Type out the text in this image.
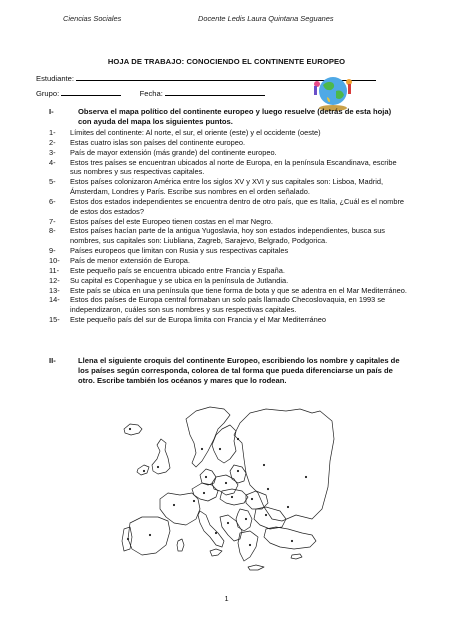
Ciencias Sociales	Docente Ledis Laura Quintana Seguanes
HOJA DE TRABAJO: CONOCIENDO EL CONTINENTE EUROPEO
Estudiante:
Grupo:	Fecha:
I-	Observa el mapa político del continente europeo y luego resuelve (detrás de esta hoja) con ayuda del mapa los siguientes puntos.
1-	Límites del continente: Al norte, el sur, el oriente (este) y el occidente (oeste)
2-	Estas cuatro islas son países del continente europeo.
3-	País de mayor extensión (más grande) del continente europeo.
4-	Estos tres países se encuentran ubicados al norte de Europa, en la península Escandinava, escribe sus nombres y sus respectivas capitales.
5-	Estos países colonizaron América entre los siglos XV y XVI y sus capitales son: Lisboa, Madrid, Ámsterdam, Londres y París. Escribe sus nombres en el orden señalado.
6-	Estos dos estados independientes se encuentra dentro de otro país, que es Italia, ¿Cuál es el nombre de estos dos estados?
7-	Estos países del este Europeo tienen costas en el mar Negro.
8-	Estos países hacían parte de la antigua Yugoslavia, hoy son estados independientes, busca sus nombres, sus capitales son: Liubliana, Zagreb, Sarajevo, Belgrado, Podgorica.
9-	Países europeos que limitan con Rusia y sus respectivas capitales
10-	País de menor extensión de Europa.
11-	Este pequeño país se encuentra ubicado entre Francia y España.
12-	Su capital es Copenhague y se ubica en la península de Jutlandia.
13-	Este país se ubica en una península que tiene forma de bota y que se adentra en el Mar Mediterráneo.
14-	Estos dos países de Europa central formaban un solo país llamado Checoslovaquia, en 1993 se independizaron, cuáles son sus nombres y sus respectivas capitales.
15-	Este pequeño país del sur de Europa limita con Francia y el Mar Mediterráneo
II-	Llena el siguiente croquis del continente Europeo, escribiendo los nombre y capitales de los países según corresponda, colorea de tal forma que pueda diferenciarse un país de otro. Escribe también los océanos y mares que lo rodean.
1
